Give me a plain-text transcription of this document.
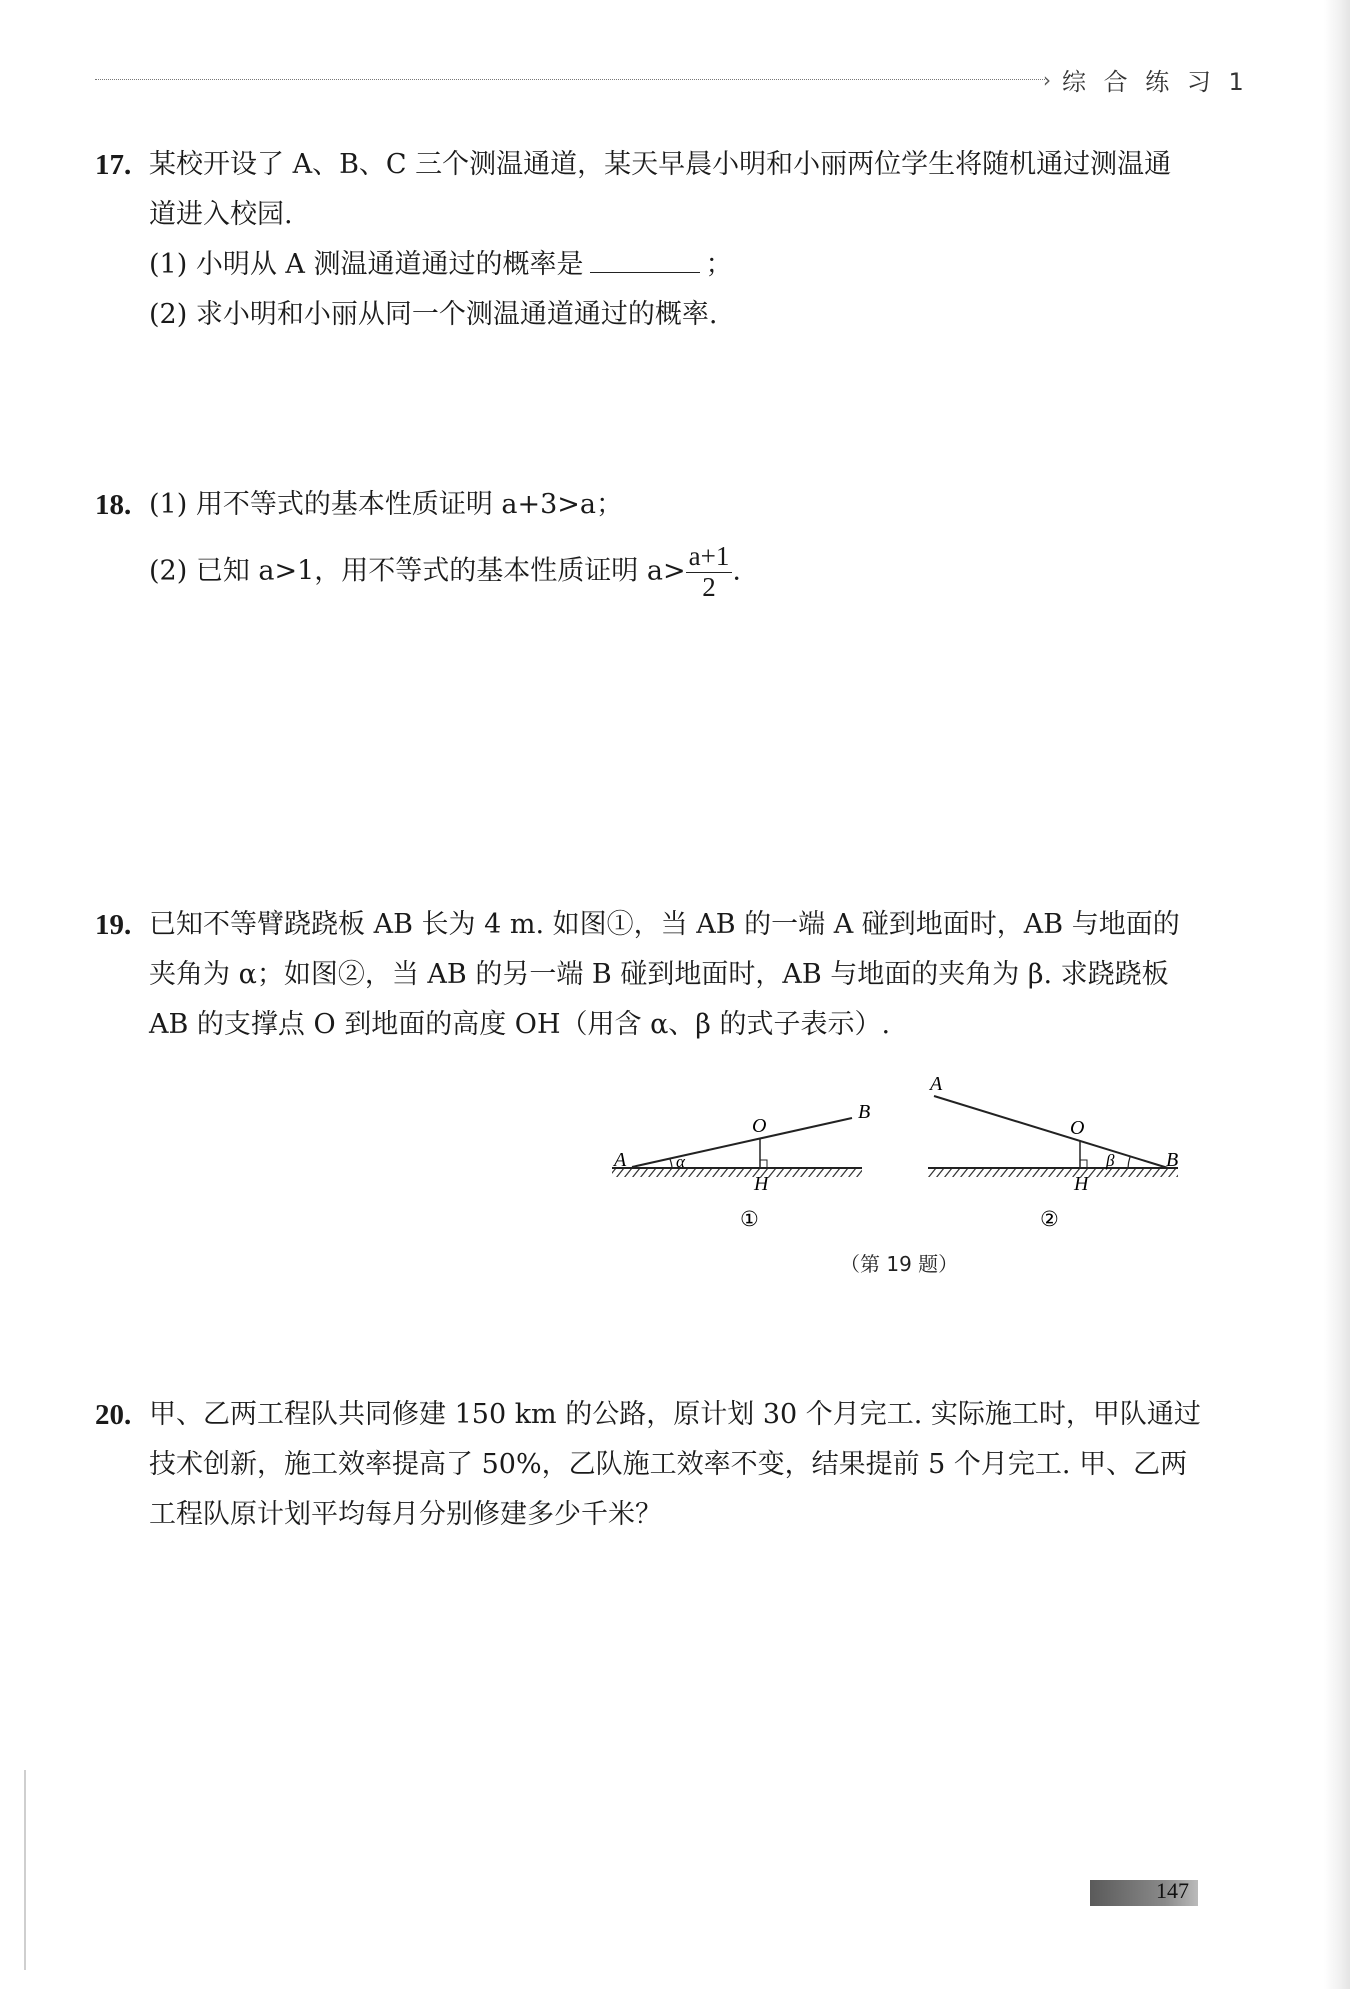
› 综 合 练 习 1
17. 某校开设了 A、B、C 三个测温通道，某天早晨小明和小丽两位学生将随机通过测温通
道进入校园.
(1) 小明从 A 测温通道通过的概率是	；
(2) 求小明和小丽从同一个测温通道通过的概率.
18. (1) 用不等式的基本性质证明 a+3>a；
(2) 已知 a>1，用不等式的基本性质证明 $a> \frac{a+1}{2}$ .
19. 已知不等臂跷跷板 AB 长为 4 m. 如图①，当 AB 的一端 A 碰到地面时，AB 与地面的
夹角为 α；如图②，当 AB 的另一端 B 碰到地面时，AB 与地面的夹角为 β. 求跷跷板
AB 的支撑点 O 到地面的高度 OH（用含 α、β 的式子表示）.
A
B
O
H
α
①
A
B
O
H
β
②
（第 19 题）
20. 甲、乙两工程队共同修建 150 km 的公路，原计划 30 个月完工. 实际施工时，甲队通过
技术创新，施工效率提高了 50%，乙队施工效率不变，结果提前 5 个月完工. 甲、乙两
工程队原计划平均每月分别修建多少千米？
147
